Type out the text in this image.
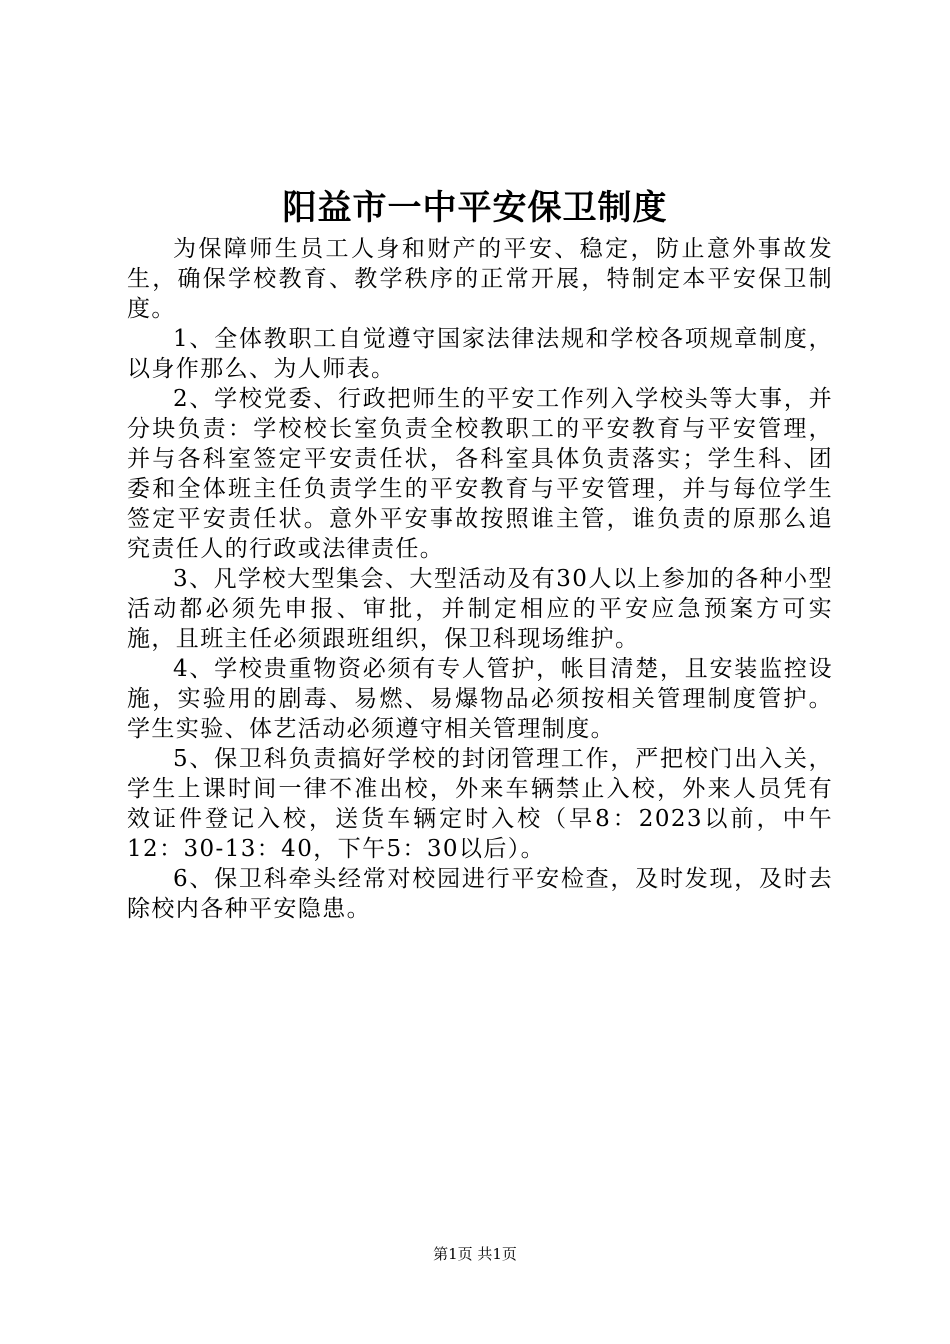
阳益市一中平安保卫制度

为保障师生员工人身和财产的平安、稳定，防止意外事故发生，确保学校教育、教学秩序的正常开展，特制定本平安保卫制度。

1、全体教职工自觉遵守国家法律法规和学校各项规章制度，以身作那么、为人师表。

2、学校党委、行政把师生的平安工作列入学校头等大事，并分块负责：学校校长室负责全校教职工的平安教育与平安管理，并与各科室签定平安责任状，各科室具体负责落实；学生科、团委和全体班主任负责学生的平安教育与平安管理，并与每位学生签定平安责任状。意外平安事故按照谁主管，谁负责的原那么追究责任人的行政或法律责任。

3、凡学校大型集会、大型活动及有30人以上参加的各种小型活动都必须先申报、审批，并制定相应的平安应急预案方可实施，且班主任必须跟班组织，保卫科现场维护。

4、学校贵重物资必须有专人管护，帐目清楚，且安装监控设施，实验用的剧毒、易燃、易爆物品必须按相关管理制度管护。学生实验、体艺活动必须遵守相关管理制度。

5、保卫科负责搞好学校的封闭管理工作，严把校门出入关，学生上课时间一律不准出校，外来车辆禁止入校，外来人员凭有效证件登记入校，送货车辆定时入校（早8：2023以前，中午12：30-13：40，下午5：30以后）。

6、保卫科牵头经常对校园进行平安检查，及时发现，及时去除校内各种平安隐患。

第1页 共1页
